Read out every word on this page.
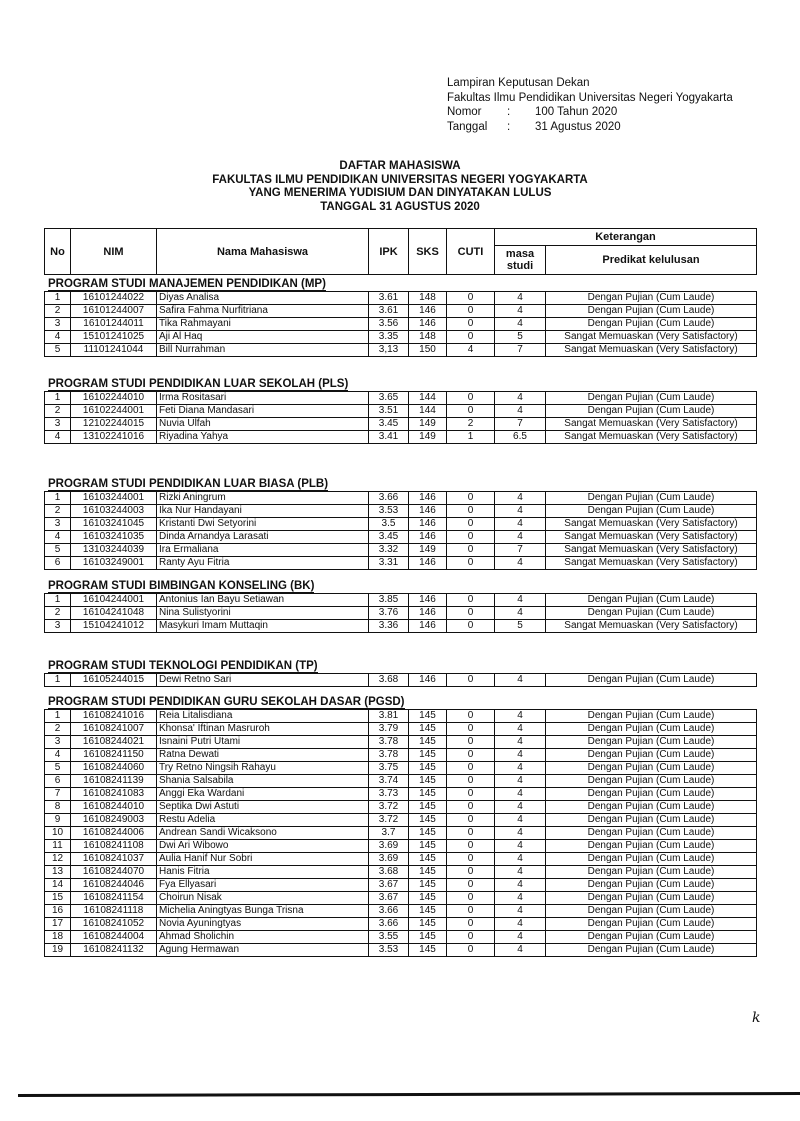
Lampiran Keputusan Dekan
Fakultas Ilmu Pendidikan Universitas Negeri Yogyakarta
Nomor	:	100 Tahun 2020
Tanggal	:	31 Agustus 2020
DAFTAR MAHASISWA
FAKULTAS ILMU PENDIDIKAN UNIVERSITAS NEGERI YOGYAKARTA
YANG MENERIMA YUDISIUM DAN DINYATAKAN LULUS
TANGGAL 31 AGUSTUS 2020
No	NIM	Nama Mahasiswa	IPK	SKS	CUTI	Keterangan	
						masa studi	Predikat kelulusan
PROGRAM STUDI MANAJEMEN PENDIDIKAN (MP)
1	16101244022	Diyas Analisa	3.61	148	0	4	Dengan Pujian (Cum Laude)
2	16101244007	Safira Fahma Nurfitriana	3.61	146	0	4	Dengan Pujian (Cum Laude)
3	16101244011	Tika Rahmayani	3.56	146	0	4	Dengan Pujian (Cum Laude)
4	15101241025	Aji Al Haq	3.35	148	0	5	Sangat Memuaskan (Very Satisfactory)
5	11101241044	Bill Nurrahman	3,13	150	4	7	Sangat Memuaskan (Very Satisfactory)
PROGRAM STUDI PENDIDIKAN LUAR SEKOLAH (PLS)
1	16102244010	Irma Rositasari	3.65	144	0	4	Dengan Pujian (Cum Laude)
2	16102244001	Feti Diana Mandasari	3.51	144	0	4	Dengan Pujian (Cum Laude)
3	12102244015	Nuvia Ulfah	3.45	149	2	7	Sangat Memuaskan (Very Satisfactory)
4	13102241016	Riyadina Yahya	3.41	149	1	6.5	Sangat Memuaskan (Very Satisfactory)
PROGRAM STUDI PENDIDIKAN LUAR BIASA (PLB)
1	16103244001	Rizki Aningrum	3.66	146	0	4	Dengan Pujian (Cum Laude)
2	16103244003	Ika Nur Handayani	3.53	146	0	4	Dengan Pujian (Cum Laude)
3	16103241045	Kristanti Dwi Setyorini	3.5	146	0	4	Sangat Memuaskan (Very Satisfactory)
4	16103241035	Dinda Arnandya Larasati	3.45	146	0	4	Sangat Memuaskan (Very Satisfactory)
5	13103244039	Ira Ermaliana	3.32	149	0	7	Sangat Memuaskan (Very Satisfactory)
6	16103249001	Ranty Ayu Fitria	3.31	146	0	4	Sangat Memuaskan (Very Satisfactory)
PROGRAM STUDI BIMBINGAN KONSELING (BK)
1	16104244001	Antonius Ian Bayu Setiawan	3.85	146	0	4	Dengan Pujian (Cum Laude)
2	16104241048	Nina Sulistyorini	3.76	146	0	4	Dengan Pujian (Cum Laude)
3	15104241012	Masykuri Imam Muttaqin	3.36	146	0	5	Sangat Memuaskan (Very Satisfactory)
PROGRAM STUDI TEKNOLOGI PENDIDIKAN (TP)
1	16105244015	Dewi Retno Sari	3.68	146	0	4	Dengan Pujian (Cum Laude)
PROGRAM STUDI PENDIDIKAN GURU SEKOLAH DASAR (PGSD)
1	16108241016	Reia Litalisdiana	3.81	145	0	4	Dengan Pujian (Cum Laude)
2	16108241007	Khonsa' Iftinan Masruroh	3.79	145	0	4	Dengan Pujian (Cum Laude)
3	16108244021	Isnaini Putri Utami	3.78	145	0	4	Dengan Pujian (Cum Laude)
4	16108241150	Ratna Dewati	3.78	145	0	4	Dengan Pujian (Cum Laude)
5	16108244060	Try Retno Ningsih Rahayu	3.75	145	0	4	Dengan Pujian (Cum Laude)
6	16108241139	Shania Salsabila	3.74	145	0	4	Dengan Pujian (Cum Laude)
7	16108241083	Anggi Eka Wardani	3.73	145	0	4	Dengan Pujian (Cum Laude)
8	16108244010	Septika Dwi Astuti	3.72	145	0	4	Dengan Pujian (Cum Laude)
9	16108249003	Restu Adelia	3.72	145	0	4	Dengan Pujian (Cum Laude)
10	16108244006	Andrean Sandi Wicaksono	3.7	145	0	4	Dengan Pujian (Cum Laude)
11	16108241108	Dwi Ari Wibowo	3.69	145	0	4	Dengan Pujian (Cum Laude)
12	16108241037	Aulia Hanif Nur Sobri	3.69	145	0	4	Dengan Pujian (Cum Laude)
13	16108244070	Hanis Fitria	3.68	145	0	4	Dengan Pujian (Cum Laude)
14	16108244046	Fya Ellyasari	3.67	145	0	4	Dengan Pujian (Cum Laude)
15	16108241154	Choirun Nisak	3.67	145	0	4	Dengan Pujian (Cum Laude)
16	16108241118	Michelia Aningtyas Bunga Trisna	3.66	145	0	4	Dengan Pujian (Cum Laude)
17	16108241052	Novia Ayuningtyas	3.66	145	0	4	Dengan Pujian (Cum Laude)
18	16108244004	Ahmad Sholichin	3.55	145	0	4	Dengan Pujian (Cum Laude)
19	16108241132	Agung Hermawan	3.53	145	0	4	Dengan Pujian (Cum Laude)
k
